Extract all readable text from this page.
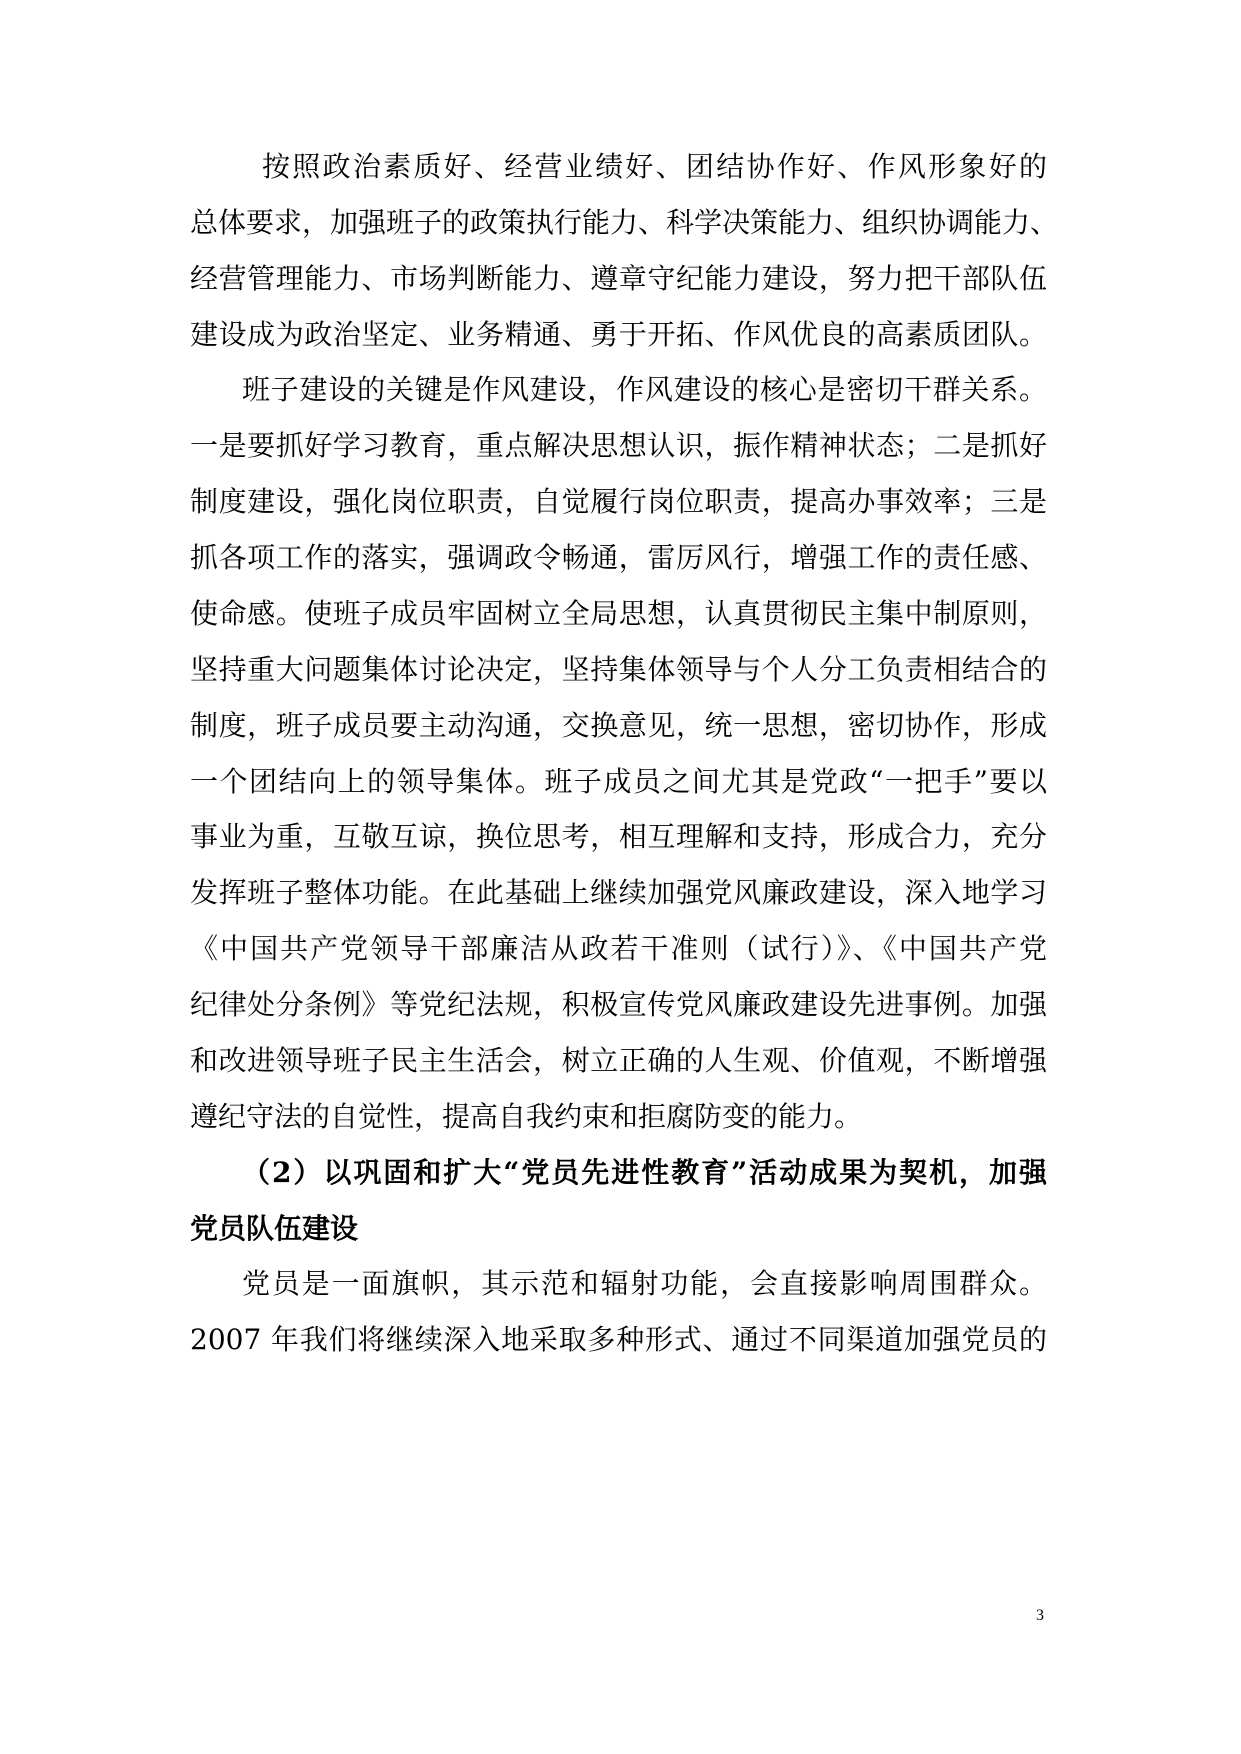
按照政治素质好、经营业绩好、团结协作好、作风形象好的
总体要求，加强班子的政策执行能力、科学决策能力、组织协调能力、
经营管理能力、市场判断能力、遵章守纪能力建设，努力把干部队伍
建设成为政治坚定、业务精通、勇于开拓、作风优良的高素质团队。
班子建设的关键是作风建设，作风建设的核心是密切干群关系。
一是要抓好学习教育，重点解决思想认识，振作精神状态；二是抓好
制度建设，强化岗位职责，自觉履行岗位职责，提高办事效率；三是
抓各项工作的落实，强调政令畅通，雷厉风行，增强工作的责任感、
使命感。使班子成员牢固树立全局思想，认真贯彻民主集中制原则，
坚持重大问题集体讨论决定，坚持集体领导与个人分工负责相结合的
制度，班子成员要主动沟通，交换意见，统一思想，密切协作，形成
一个团结向上的领导集体。班子成员之间尤其是党政“一把手”要以
事业为重，互敬互谅，换位思考，相互理解和支持，形成合力，充分
发挥班子整体功能。在此基础上继续加强党风廉政建设，深入地学习
《中国共产党领导干部廉洁从政若干准则（试行）》、《中国共产党
纪律处分条例》等党纪法规，积极宣传党风廉政建设先进事例。加强
和改进领导班子民主生活会，树立正确的人生观、价值观，不断增强
遵纪守法的自觉性，提高自我约束和拒腐防变的能力。
（2）以巩固和扩大“党员先进性教育”活动成果为契机，加强
党员队伍建设
党员是一面旗帜，其示范和辐射功能，会直接影响周围群众。
2007 年我们将继续深入地采取多种形式、通过不同渠道加强党员的
3
